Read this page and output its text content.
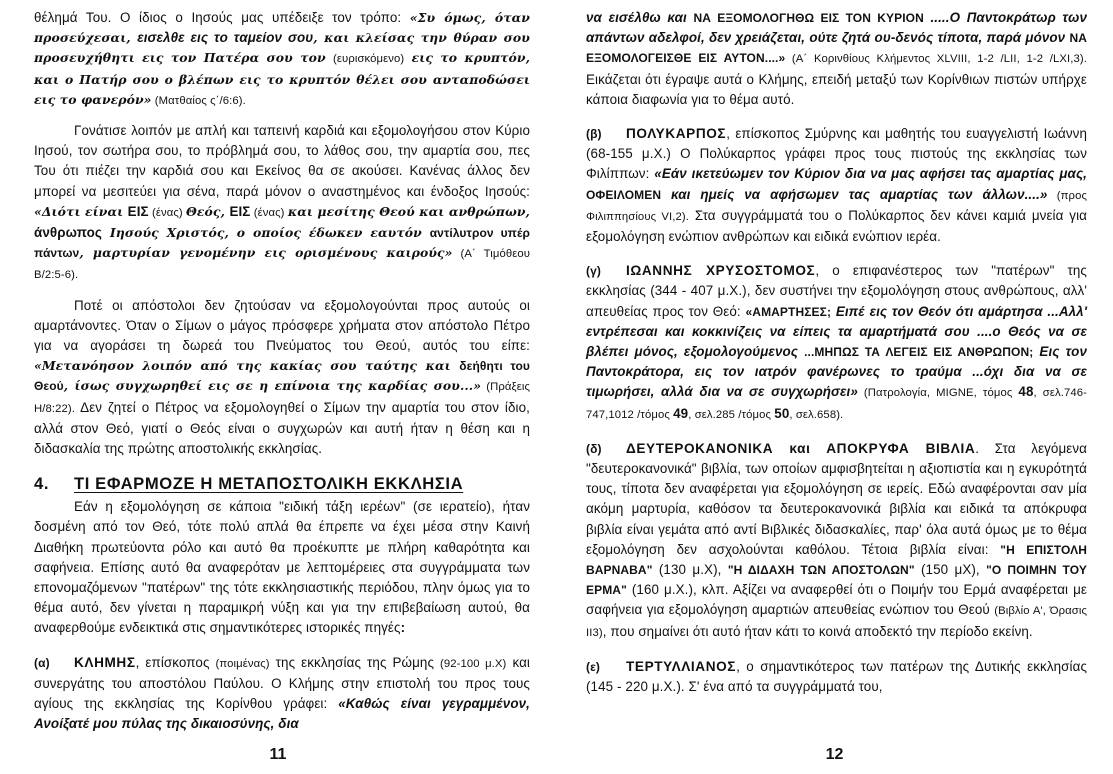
θέλημά Του. Ο ίδιος ο Ιησούς μας υπέδειξε τον τρόπο: «Συ όμως, όταν προσεύχεσαι, εισελθε εις το ταμείον σου, και κλείσας την θύραν σου προσευχήθητι εις τον Πατέρα σου τον (ευρισκόμενο) εις το κρυπτόν, και ο Πατήρ σου ο βλέπων εις το κρυπτόν θέλει σου ανταποδώσει εις το φανερόν» (Ματθαίος ς΄/6:6).

Γονάτισε λοιπόν με απλή και ταπεινή καρδιά και εξομολογήσου στον Κύριο Ιησού, τον σωτήρα σου, το πρόβλημά σου, το λάθος σου, την αμαρτία σου, πες Του ότι πιέζει την καρδιά σου και Εκείνος θα σε ακούσει. Κανένας άλλος δεν μπορεί να μεσιτεύει για σένα, παρά μόνον ο αναστημένος και ένδοξος Ιησούς: «Διότι είναι ΕΙΣ (ένας) Θεός, ΕΙΣ (ένας) και μεσίτης Θεού και ανθρώπων, άνθρωπος Ιησούς Χριστός, ο οποίος έδωκεν εαυτόν αντίλυτρον υπέρ πάντων, μαρτυρίαν γενομένην εις ορισμένους καιρούς» (Α΄ Τιμόθεου Β/2:5-6).

Ποτέ οι απόστολοι δεν ζητούσαν να εξομολογούνται προς αυτούς οι αμαρτάνοντες. Όταν ο Σίμων ο μάγος πρόσφερε χρήματα στον απόστολο Πέτρο για να αγοράσει τη δωρεά του Πνεύματος του Θεού, αυτός του είπε: «Μετανόησον λοιπόν από της κακίας σου ταύτης και δεήθητι του Θεού, ίσως συγχωρηθεί εις σε η επίνοια της καρδίας σου...» (Πράξεις Η/8:22). Δεν ζητεί ο Πέτρος να εξομολογηθεί ο Σίμων την αμαρτία του στον ίδιο, αλλά στον Θεό, γιατί ο Θεός είναι ο συγχωρών και αυτή ήταν η θέση και η διδασκαλία της πρώτης αποστολικής εκκλησίας.

4. ΤΙ ΕΦΑΡΜΟΖΕ Η ΜΕΤΑΠΟΣΤΟΛΙΚΗ ΕΚΚΛΗΣΙΑ

Εάν η εξομολόγηση σε κάποια "ειδική τάξη ιερέων" (σε ιερατείο), ήταν δοσμένη από τον Θεό, τότε πολύ απλά θα έπρεπε να έχει μέσα στην Καινή Διαθήκη πρωτεύοντα ρόλο και αυτό θα προέκυπτε με πλήρη καθαρότητα και σαφήνεια. Επίσης αυτό θα αναφερόταν με λεπτομέρειες στα συγγράμματα των επονομαζόμενων "πατέρων" της τότε εκκλησιαστικής περιόδου, πλην όμως για το θέμα αυτό, δεν γίνεται η παραμικρή νύξη και για την επιβεβαίωση αυτού, θα αναφερθούμε ενδεικτικά στις σημαντικότερες ιστορικές πηγές:

(α) ΚΛΗΜΗΣ, επίσκοπος (ποιμένας) της εκκλησίας της Ρώμης (92-100 μ.Χ) και συνεργάτης του αποστόλου Παύλου. Ο Κλήμης στην επιστολή του προς τους αγίους της εκκλησίας της Κορίνθου γράφει: «Καθώς είναι γεγραμμένον, Ανοίξατέ μου πύλας της δικαιοσύνης, δια

11

να εισέλθω και ΝΑ ΕΞΟΜΟΛΟΓΗΘΩ ΕΙΣ ΤΟΝ ΚΥΡΙΟΝ .....Ο Παντοκράτωρ των απάντων αδελφοί, δεν χρειάζεται, ούτε ζητά ου-δενός τίποτα, παρά μόνον ΝΑ ΕΞΟΜΟΛΟΓΕΙΣΘΕ ΕΙΣ ΑΥΤΟΝ....» (Α΄ Κορινθίους Κλήμεντος XLVIII, 1-2 /LII, 1-2 /LXI,3). Εικάζεται ότι έγραψε αυτά ο Κλήμης, επειδή μεταξύ των Κορίνθιων πιστών υπήρχε κάποια διαφωνία για το θέμα αυτό.

(β) ΠΟΛΥΚΑΡΠΟΣ, επίσκοπος Σμύρνης και μαθητής του ευαγγελιστή Ιωάννη (68-155 μ.Χ.) Ο Πολύκαρπος γράφει προς τους πιστούς της εκκλησίας των Φιλίππων: «Εάν ικετεύωμεν τον Κύριον δια να μας αφήσει τας αμαρτίας μας, ΟΦΕΙΛΟΜΕΝ και ημείς να αφήσωμεν τας αμαρτίας των άλλων....» (προς Φιλιππησίους VI,2). Στα συγγράμματά του ο Πολύκαρπος δεν κάνει καμιά μνεία για εξομολόγηση ενώπιον ανθρώπων και ειδικά ενώπιον ιερέα.

(γ) ΙΩΑΝΝΗΣ ΧΡΥΣΟΣΤΟΜΟΣ, ο επιφανέστερος των "πατέρων" της εκκλησίας (344 - 407 μ.Χ.), δεν συστήνει την εξομολόγηση στους ανθρώπους, αλλ' απευθείας προς τον Θεό: «ΑΜΑΡΤΗΣΕΣ; Ειπέ εις τον Θεόν ότι αμάρτησα ...Αλλ' εντρέπεσαι και κοκκινίζεις να είπεις τα αμαρτήματά σου ....ο Θεός να σε βλέπει μόνος, εξομολογούμενος ...ΜΗΠΩΣ ΤΑ ΛΕΓΕΙΣ ΕΙΣ ΑΝΘΡΩΠΟΝ; Εις τον Παντοκράτορα, εις τον ιατρόν φανέρωνες το τραύμα ...όχι δια να σε τιμωρήσει, αλλά δια να σε συγχωρήσει» (Πατρολογία, MIGNE, τόμος 48, σελ.746-747,1012 /τόμος 49, σελ.285 /τόμος 50, σελ.658).

(δ) ΔΕΥΤΕΡΟΚΑΝΟΝΙΚΑ και ΑΠΟΚΡΥΦΑ ΒΙΒΛΙΑ. Στα λεγόμενα "δευτεροκανονικά" βιβλία, των οποίων αμφισβητείται η αξιοπιστία και η εγκυρότητά τους, τίποτα δεν αναφέρεται για εξομολόγηση σε ιερείς. Εδώ αναφέρονται σαν μία ακόμη μαρτυρία, καθόσον τα δευτεροκανονικά βιβλία και ειδικά τα απόκρυφα βιβλία είναι γεμάτα από αντί Βιβλικές διδασκαλίες, παρ' όλα αυτά όμως με το θέμα εξομολόγηση δεν ασχολούνται καθόλου. Τέτοια βιβλία είναι: "Η ΕΠΙΣΤΟΛΗ ΒΑΡΝΑΒΑ" (130 μ.Χ), "Η ΔΙΔΑΧΗ ΤΩΝ ΑΠΟΣΤΟΛΩΝ" (150 μΧ), "Ο ΠΟΙΜΗΝ ΤΟΥ ΕΡΜΑ" (160 μ.Χ.), κλπ. Αξίζει να αναφερθεί ότι ο Ποιμήν του Ερμά αναφέρεται με σαφήνεια για εξομολόγηση αμαρτιών απευθείας ενώπιον του Θεού (Βιβλίο Α', Όρασις ΙΙ3), που σημαίνει ότι αυτό ήταν κάτι το κοινά αποδεκτό την περίοδο εκείνη.

(ε) ΤΕΡΤΥΛΛΙΑΝΟΣ, ο σημαντικότερος των πατέρων της Δυτικής εκκλησίας (145 - 220 μ.Χ.). Σ' ένα από τα συγγράμματά του,

12
